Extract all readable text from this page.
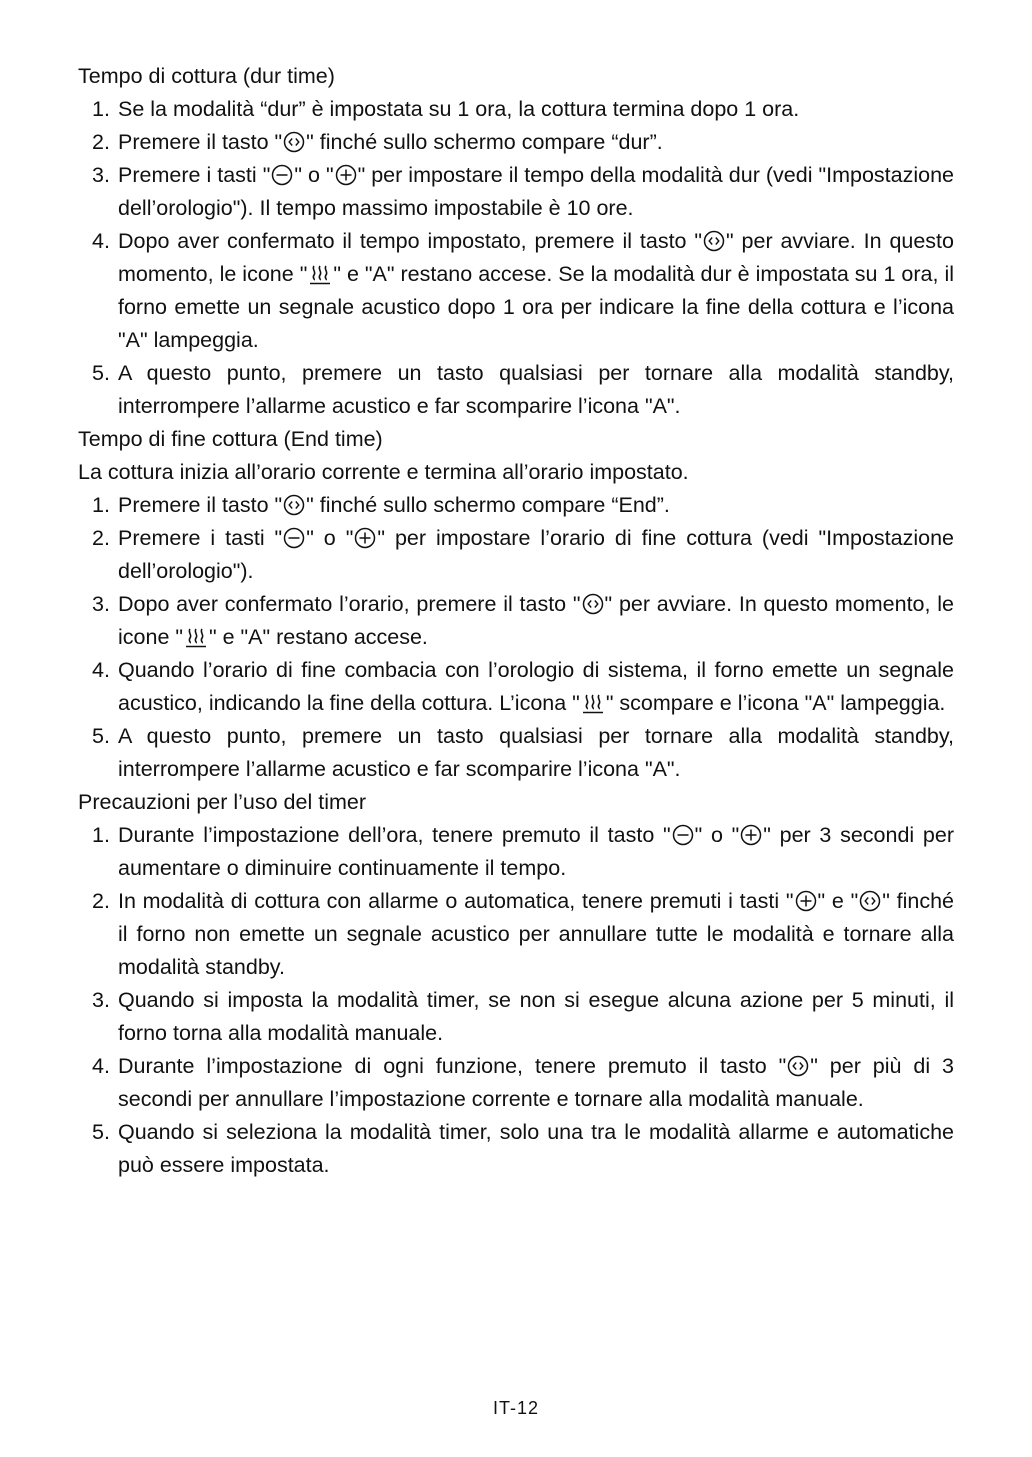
Tempo di cottura (dur time)
1. Se la modalità “dur” è impostata su 1 ora, la cottura termina dopo 1 ora.
2. Premere il tasto " " finché sullo schermo compare “dur”.
3. Premere i tasti " " o " " per impostare il tempo della modalità dur (vedi "Impostazione dell’orologio"). Il tempo massimo impostabile è 10 ore.
4. Dopo aver confermato il tempo impostato, premere il tasto " " per avviare. In questo momento, le icone " " e "A" restano accese. Se la modalità dur è impostata su 1 ora, il forno emette un segnale acustico dopo 1 ora per indicare la fine della cottura e l’icona "A" lampeggia.
5. A questo punto, premere un tasto qualsiasi per tornare alla modalità standby, interrompere l’allarme acustico e far scomparire l’icona "A".
Tempo di fine cottura (End time)
La cottura inizia all’orario corrente e termina all’orario impostato.
1. Premere il tasto " " finché sullo schermo compare “End”.
2. Premere i tasti " " o " " per impostare l’orario di fine cottura (vedi "Impostazione dell’orologio").
3. Dopo aver confermato l’orario, premere il tasto " " per avviare. In questo momento, le icone " " e "A" restano accese.
4. Quando l’orario di fine combacia con l’orologio di sistema, il forno emette un segnale acustico, indicando la fine della cottura. L’icona " " scompare e l’icona "A" lampeggia.
5. A questo punto, premere un tasto qualsiasi per tornare alla modalità standby, interrompere l’allarme acustico e far scomparire l’icona "A".
Precauzioni per l’uso del timer
1. Durante l’impostazione dell’ora, tenere premuto il tasto " " o " " per 3 secondi per aumentare o diminuire continuamente il tempo.
2. In modalità di cottura con allarme o automatica, tenere premuti i tasti " " e " " finché il forno non emette un segnale acustico per annullare tutte le modalità e tornare alla modalità standby.
3. Quando si imposta la modalità timer, se non si esegue alcuna azione per 5 minuti, il forno torna alla modalità manuale.
4. Durante l’impostazione di ogni funzione, tenere premuto il tasto " " per più di 3 secondi per annullare l’impostazione corrente e tornare alla modalità manuale.
5. Quando si seleziona la modalità timer, solo una tra le modalità allarme e automatiche può essere impostata.
IT-12
